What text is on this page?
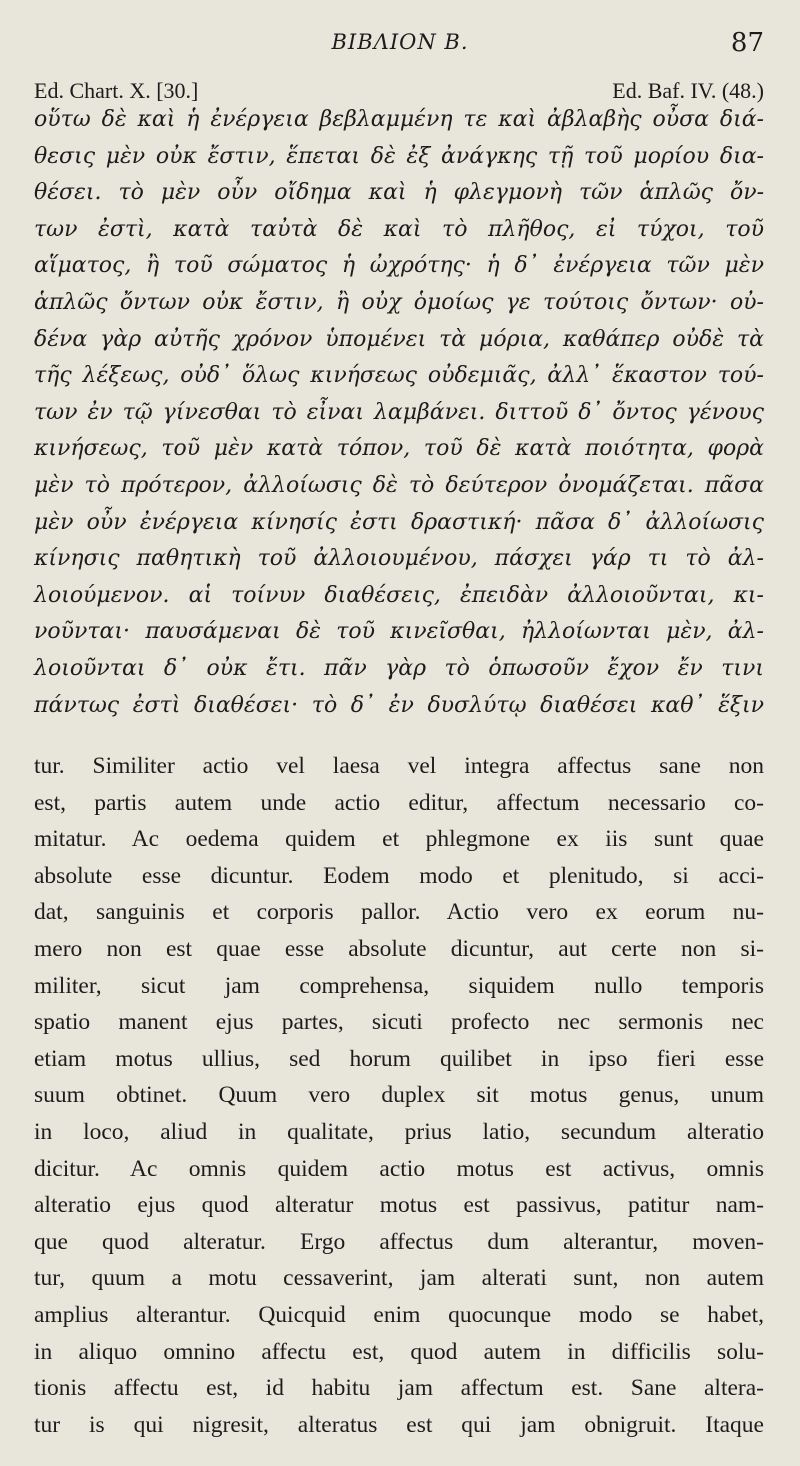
BIBΛΙΟΝ B.	87
Ed. Chart. X. [30.]	Ed. Baf. IV. (48.)
οὕτω δὲ καὶ ἡ ἐνέργεια βεβλαμμένη τε καὶ ἀβλαβὴς οὖσα διά-
θεσις μὲν οὐκ ἔστιν, ἕπεται δὲ ἐξ ἀνάγκης τῇ τοῦ μορίου δια-
θέσει. τὸ μὲν οὖν οἴδημα καὶ ἡ φλεγμονὴ τῶν ἁπλῶς ὄν-
των ἐστὶ, κατὰ ταὐτὰ δὲ καὶ τὸ πλῆθος, εἰ τύχοι, τοῦ
αἵματος, ἢ τοῦ σώματος ἡ ὠχρότης· ἡ δ᾽ ἐνέργεια τῶν μὲν
ἁπλῶς ὄντων οὐκ ἔστιν, ἢ οὐχ ὁμοίως γε τούτοις ὄντων· οὐ-
δένα γὰρ αὐτῆς χρόνον ὑπομένει τὰ μόρια, καθάπερ οὐδὲ τὰ
τῆς λέξεως, οὐδ᾽ ὅλως κινήσεως οὐδεμιᾶς, ἀλλ᾽ ἕκαστον τού-
των ἐν τῷ γίνεσθαι τὸ εἶναι λαμβάνει. διττοῦ δ᾽ ὄντος γένους
κινήσεως, τοῦ μὲν κατὰ τόπον, τοῦ δὲ κατὰ ποιότητα, φορὰ
μὲν τὸ πρότερον, ἀλλοίωσις δὲ τὸ δεύτερον ὀνομάζεται. πᾶσα
μὲν οὖν ἐνέργεια κίνησίς ἐστι δραστική· πᾶσα δ᾽ ἀλλοίωσις
κίνησις παθητικὴ τοῦ ἀλλοιουμένου, πάσχει γάρ τι τὸ ἀλ-
λοιούμενον. αἱ τοίνυν διαθέσεις, ἐπειδὰν ἀλλοιοῦνται, κι-
νοῦνται· παυσάμεναι δὲ τοῦ κινεῖσθαι, ἠλλοίωνται μὲν, ἀλ-
λοιοῦνται δ᾽ οὐκ ἔτι. πᾶν γὰρ τὸ ὁπωσοῦν ἔχον ἔν τινι
πάντως ἐστὶ διαθέσει· τὸ δ᾽ ἐν δυσλύτῳ διαθέσει καθ᾽ ἕξιν
tur. Similiter actio vel laesa vel integra affectus sane non
est, partis autem unde actio editur, affectum necessario co-
mitatur. Ac oedema quidem et phlegmone ex iis sunt quae
absolute esse dicuntur. Eodem modo et plenitudo, si acci-
dat, sanguinis et corporis pallor. Actio vero ex eorum nu-
mero non est quae esse absolute dicuntur, aut certe non si-
militer, sicut jam comprehensa, siquidem nullo temporis
spatio manent ejus partes, sicuti profecto nec sermonis nec
etiam motus ullius, sed horum quilibet in ipso fieri esse
suum obtinet. Quum vero duplex sit motus genus, unum
in loco, aliud in qualitate, prius latio, secundum alteratio
dicitur. Ac omnis quidem actio motus est activus, omnis
alteratio ejus quod alteratur motus est passivus, patitur nam-
que quod alteratur. Ergo affectus dum alterantur, moven-
tur, quum a motu cessaverint, jam alterati sunt, non autem
amplius alterantur. Quicquid enim quocunque modo se habet,
in aliquo omnino affectu est, quod autem in difficilis solu-
tionis affectu est, id habitu jam affectum est. Sane altera-
tur is qui nigresit, alteratus est qui jam obnigruit. Itaque
